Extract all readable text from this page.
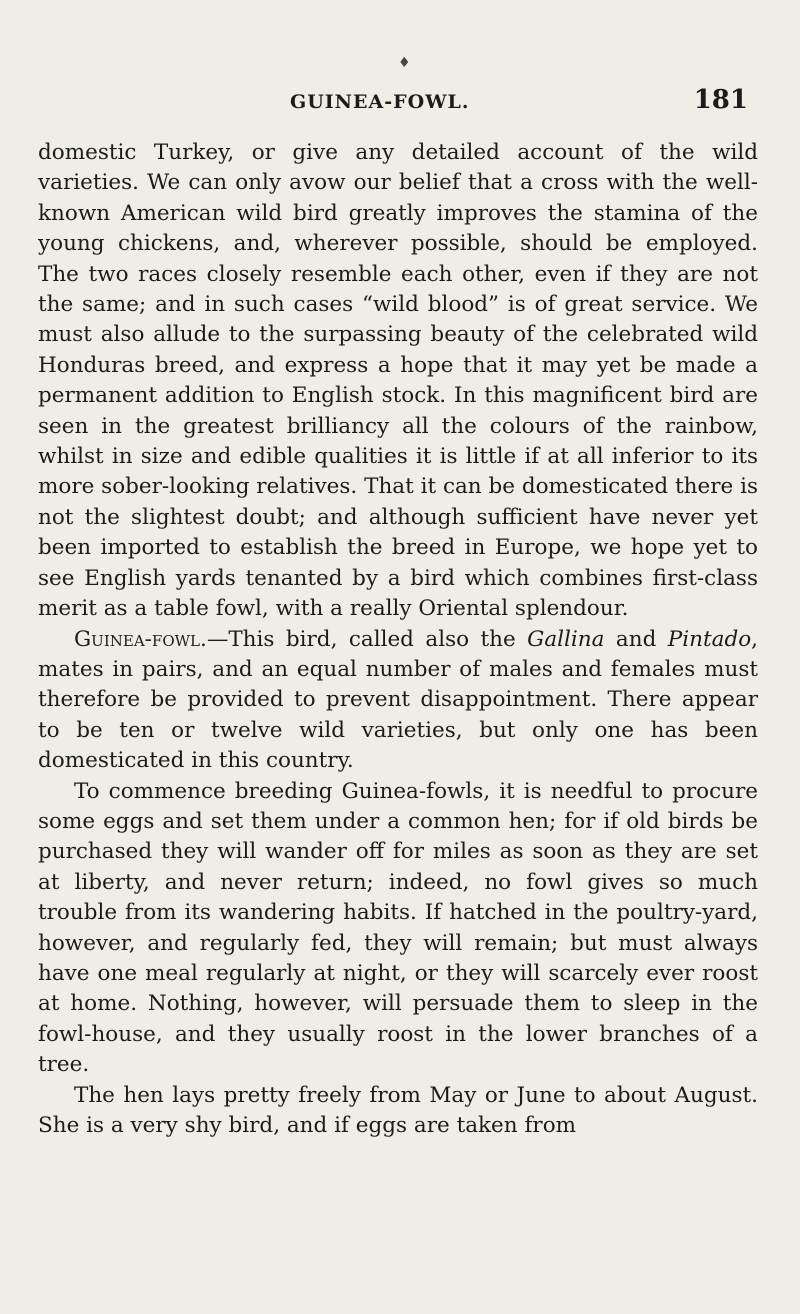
♦
GUINEA-FOWL.	181

domestic Turkey, or give any detailed account of the wild varieties. We can only avow our belief that a cross with the well-known American wild bird greatly improves the stamina of the young chickens, and, wherever possible, should be employed. The two races closely resemble each other, even if they are not the same; and in such cases “wild blood” is of great service. We must also allude to the surpassing beauty of the celebrated wild Honduras breed, and express a hope that it may yet be made a permanent addition to English stock. In this magnificent bird are seen in the greatest brilliancy all the colours of the rainbow, whilst in size and edible qualities it is little if at all inferior to its more sober-looking relatives. That it can be domesticated there is not the slightest doubt; and although sufficient have never yet been imported to establish the breed in Europe, we hope yet to see English yards tenanted by a bird which combines first-class merit as a table fowl, with a really Oriental splendour.

Guinea-fowl.—This bird, called also the Gallina and Pintado, mates in pairs, and an equal number of males and females must therefore be provided to prevent disappointment. There appear to be ten or twelve wild varieties, but only one has been domesticated in this country.

To commence breeding Guinea-fowls, it is needful to procure some eggs and set them under a common hen; for if old birds be purchased they will wander off for miles as soon as they are set at liberty, and never return; indeed, no fowl gives so much trouble from its wandering habits. If hatched in the poultry-yard, however, and regularly fed, they will remain; but must always have one meal regularly at night, or they will scarcely ever roost at home. Nothing, however, will persuade them to sleep in the fowl-house, and they usually roost in the lower branches of a tree.

The hen lays pretty freely from May or June to about August. She is a very shy bird, and if eggs are taken from
